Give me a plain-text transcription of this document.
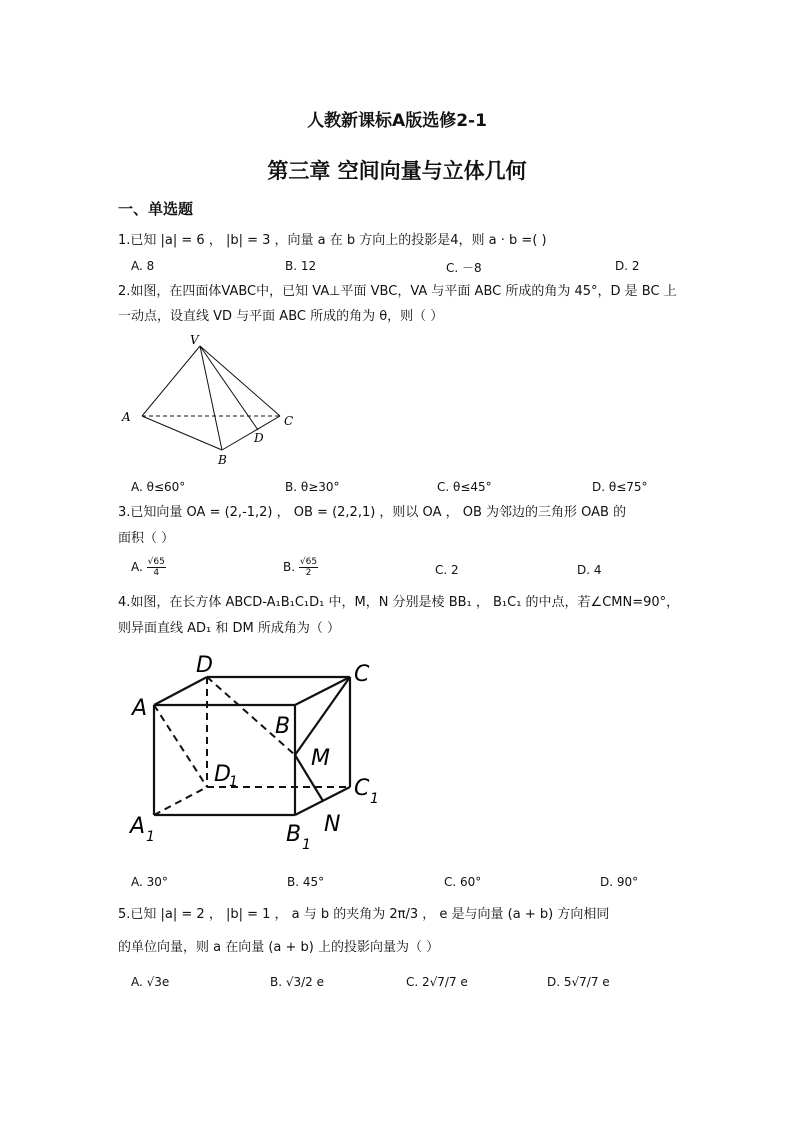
人教新课标A版选修2-1
第三章 空间向量与立体几何
一、单选题
1.已知 |a| = 6 ， |b| = 3 ，向量 a 在 b 方向上的投影是4，则 a · b =( )
A. 8	B. 12	C. －8	D. 2
2.如图，在四面体VABC中，已知 VA⊥平面 VBC，VA 与平面 ABC 所成的角为 45°，D 是 BC 上
一动点，设直线 VD 与平面 ABC 所成的角为 θ，则（ ）
V
A	C
D
B
A. θ≤60°	B. θ≥30°	C. θ≤45°	D. θ≤75°
3.已知向量 OA = (2,-1,2) ， OB = (2,2,1) ，则以 OA ， OB 为邻边的三角形 OAB 的
面积（ ）
A. $\frac{√65}{4}$	B. $\frac{√65}{2}$	C. 2	D. 4
4.如图，在长方体 ABCD-A₁B₁C₁D₁ 中，M，N 分别是棱 BB₁ ， B₁C₁ 的中点，若∠CMN=90°，
则异面直线 AD₁ 和 DM 所成角为（ ）
D	C
A
B
M
D
1	C 1
A 1	B 1
N
A. 30°	B. 45°	C. 60°	D. 90°
5.已知 |a| = 2 ， |b| = 1 ， a 与 b 的夹角为 2π/3 ， e 是与向量 (a + b) 方向相同
的单位向量，则 a 在向量 (a + b) 上的投影向量为（ ）
A. √3e	B. √3/2 e	C. 2√7/7 e	D. 5√7/7 e
